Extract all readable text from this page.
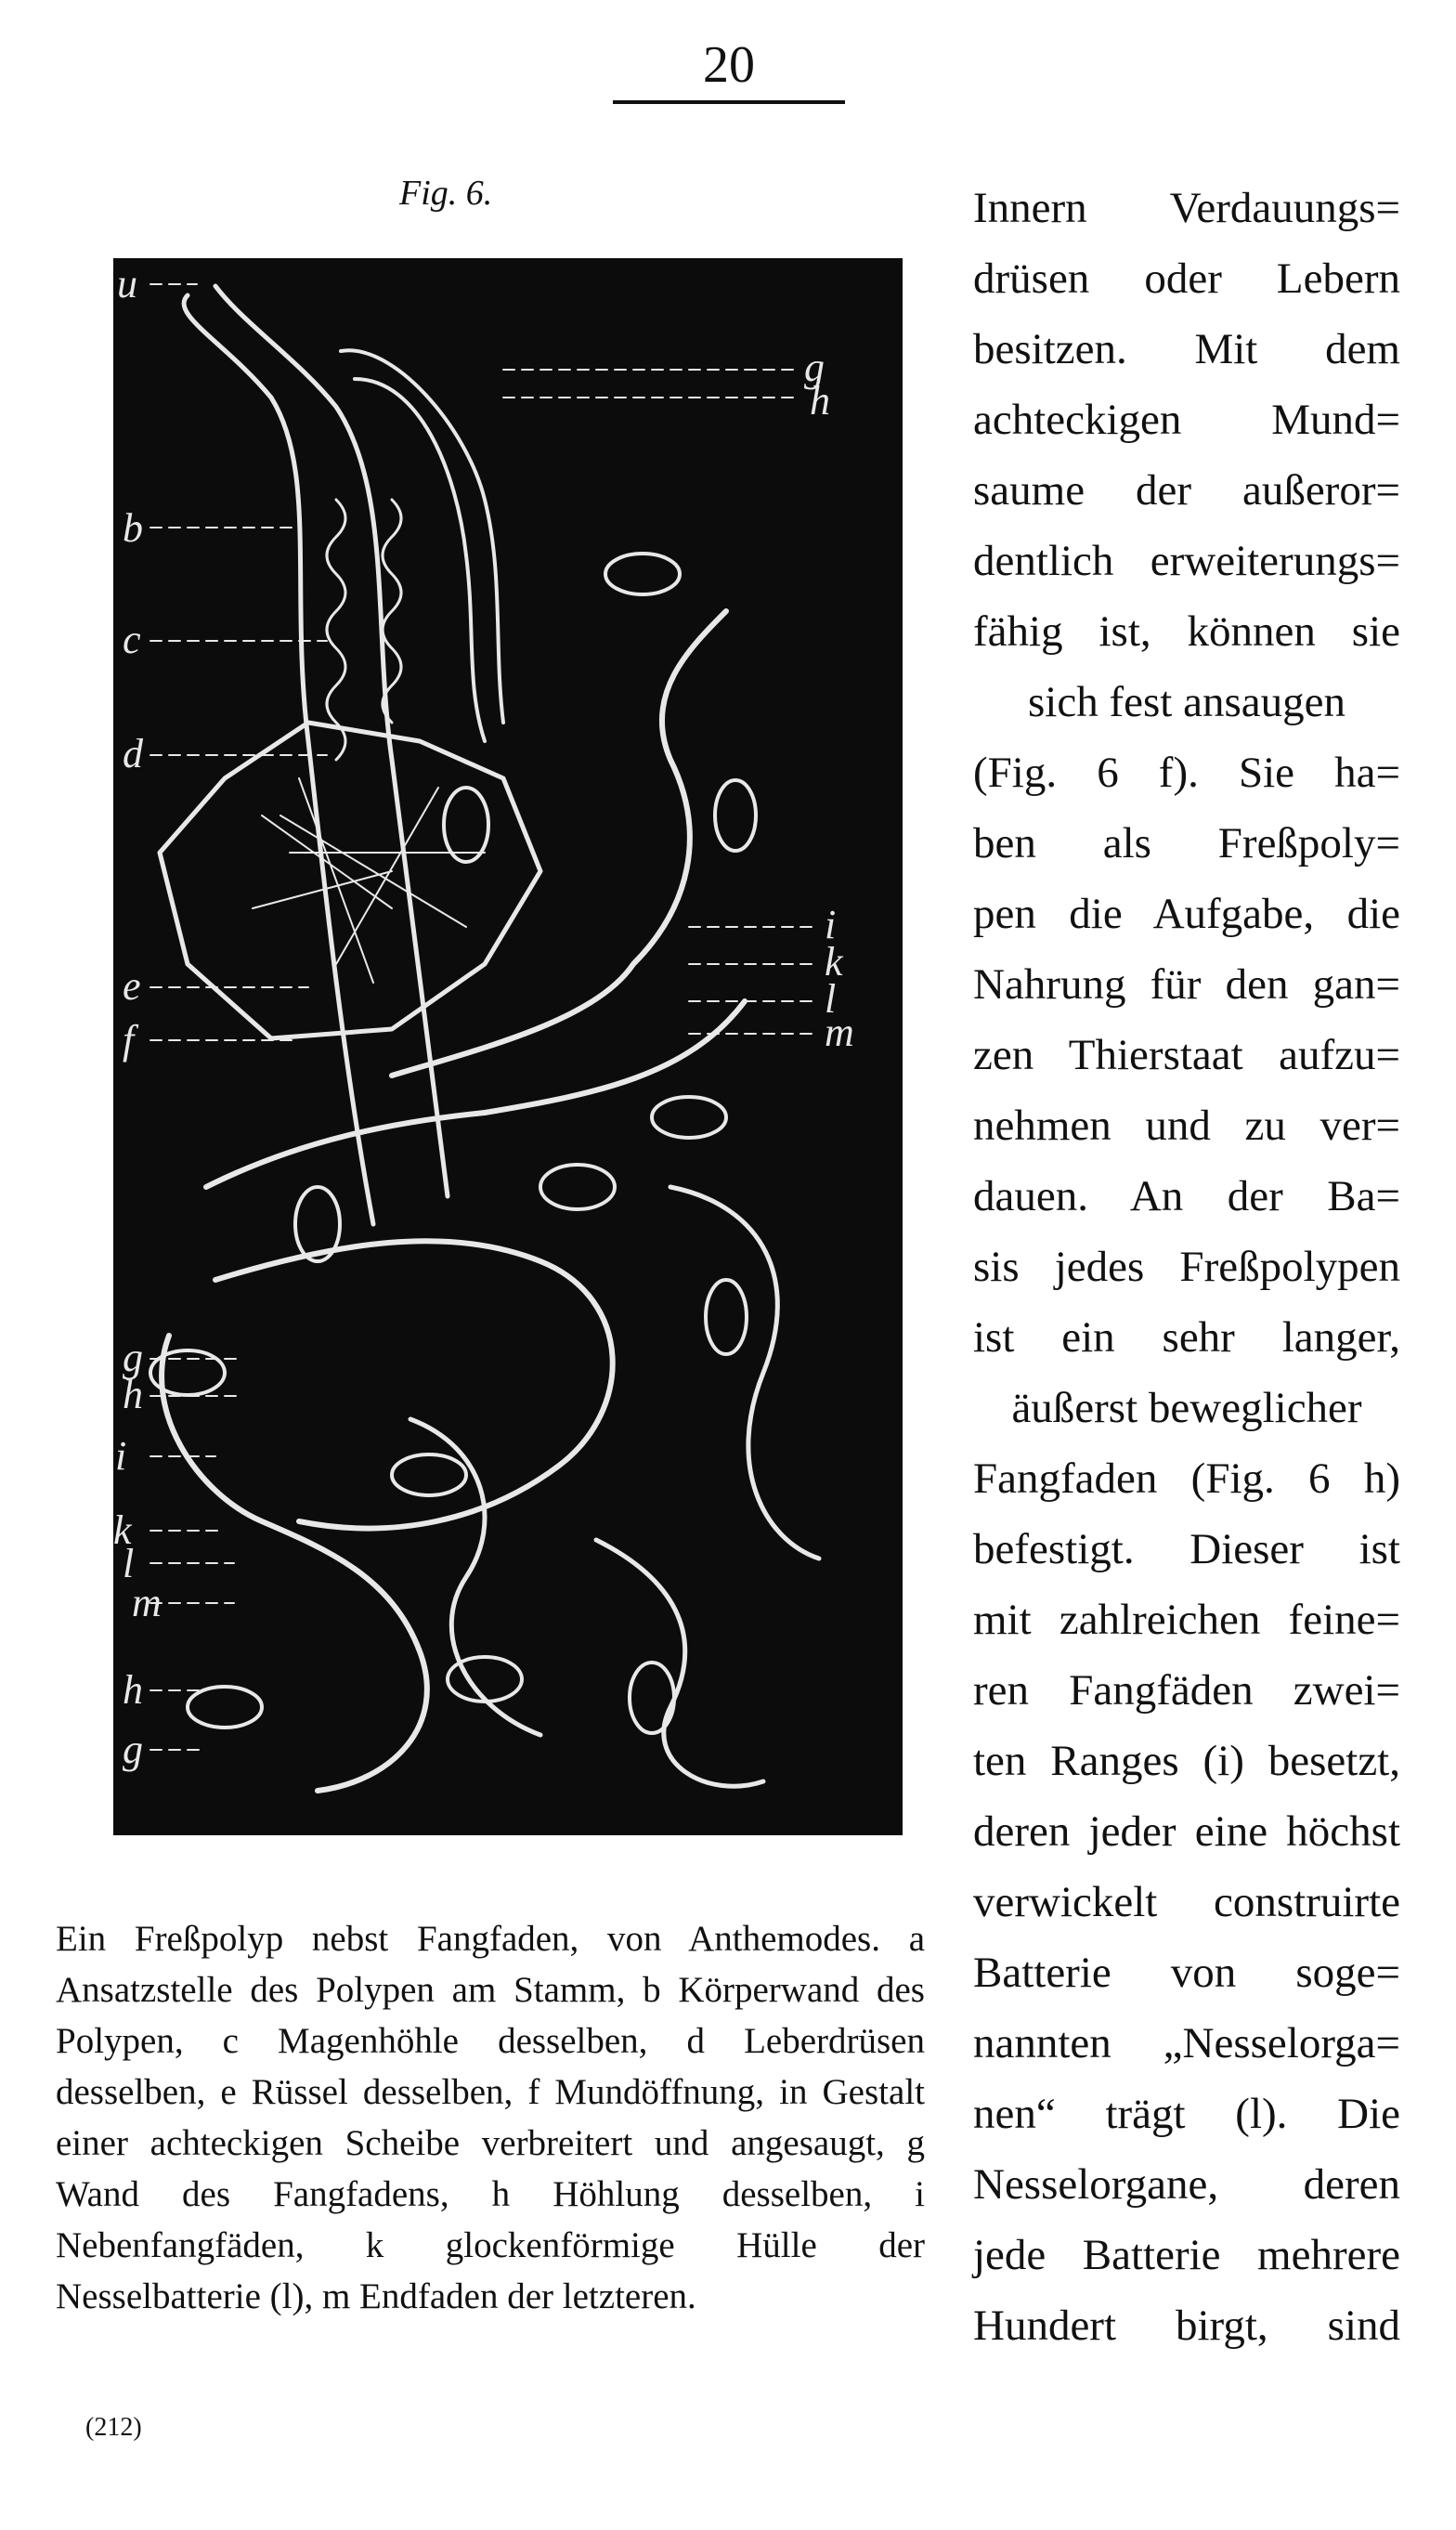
20
Fig. 6.
u
b
c
d
e
f
g
h
i
k
l
m
h
g
g
h
i
k
l
m
Ein Freßpolyp nebst Fangfaden, von Anthemodes. a Ansatzstelle des Polypen am Stamm, b Körperwand des Polypen, c Magenhöhle desselben, d Leberdrüsen desselben, e Rüssel desselben, f Mundöffnung, in Gestalt einer achteckigen Scheibe verbreitert und angesaugt, g Wand des Fangfadens, h Höhlung desselben, i Nebenfangfäden, k glockenförmige Hülle der Nesselbatterie (l), m Endfaden der letzteren.
(212)
Innern Verdauungs=
drüsen oder Lebern
besitzen. Mit dem
achteckigen Mund=
saume der außeror=
dentlich erweiterungs=
fähig ist, können sie
sich fest ansaugen
(Fig. 6 f). Sie ha=
ben als Freßpoly=
pen die Aufgabe, die
Nahrung für den gan=
zen Thierstaat aufzu=
nehmen und zu ver=
dauen. An der Ba=
sis jedes Freßpolypen
ist ein sehr langer,
äußerst beweglicher
Fangfaden (Fig. 6 h)
befestigt. Dieser ist
mit zahlreichen feine=
ren Fangfäden zwei=
ten Ranges (i) besetzt,
deren jeder eine höchst
verwickelt construirte
Batterie von soge=
nannten „Nesselorga=
nen“ trägt (l). Die
Nesselorgane, deren
jede Batterie mehrere
Hundert birgt, sind
